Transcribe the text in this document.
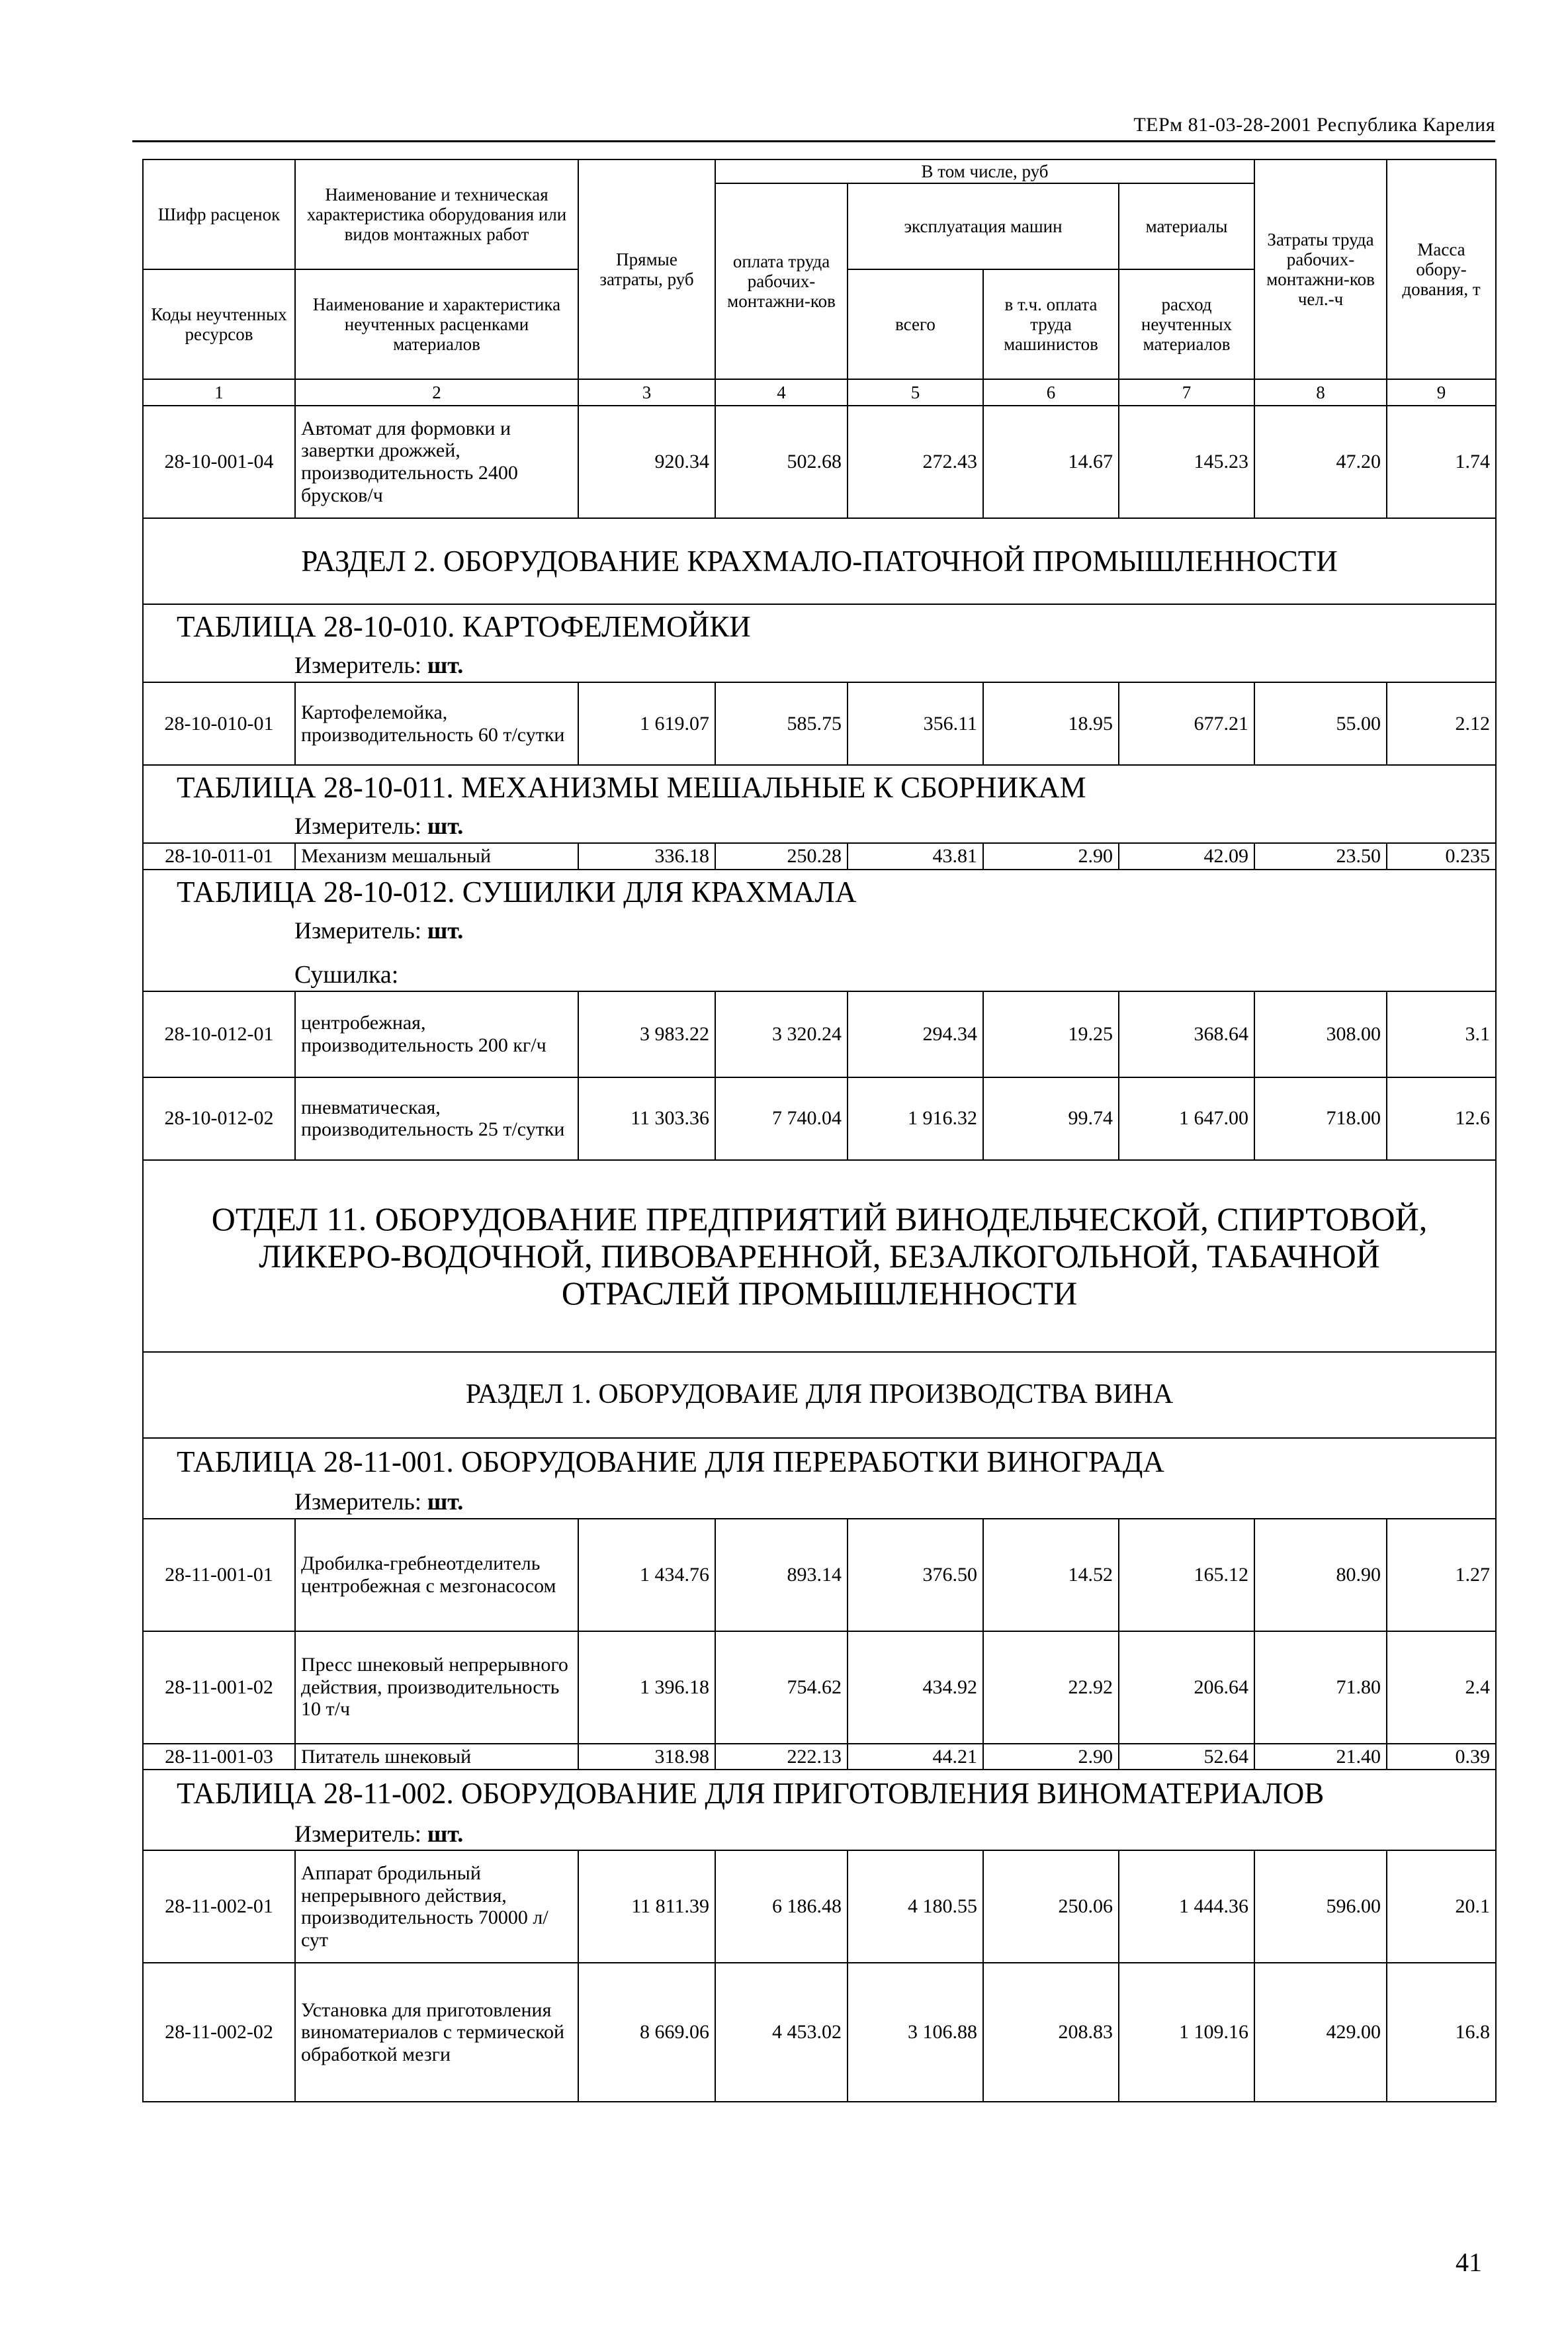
ТЕРм 81-03-28-2001 Республика Карелия
Шифр расценок	Наименование и техническая характеристика оборудования или видов монтажных работ	Прямые затраты, руб	В том числе, руб				Затраты труда рабочих-монтажни-ков чел.-ч	Масса обору-дования, т
			оплата труда рабочих-монтажни-ков	эксплуатация машин		материалы		
Коды неучтенных ресурсов	Наименование и характеристика неучтенных расценками материалов			всего	в т.ч. оплата труда машинистов	расход неучтенных материалов		

1	2	3	4	5	6	7	8	9
28-10-001-04	Автомат для формовки и завертки дрожжей, производительность 2400 брусков/ч	920.34	502.68	272.43	14.67	145.23	47.20	1.74
РАЗДЕЛ 2. ОБОРУДОВАНИЕ КРАХМАЛО-ПАТОЧНОЙ ПРОМЫШЛЕННОСТИ								
ТАБЛИЦА 28-10-010. КАРТОФЕЛЕМОЙКИ								
Измеритель: шт.								
28-10-010-01	Картофелемойка, производительность 60 т/сутки	1 619.07	585.75	356.11	18.95	677.21	55.00	2.12
ТАБЛИЦА 28-10-011. МЕХАНИЗМЫ МЕШАЛЬНЫЕ К СБОРНИКАМ								
Измеритель: шт.								
28-10-011-01	Механизм мешальный	336.18	250.28	43.81	2.90	42.09	23.50	0.235
ТАБЛИЦА 28-10-012. СУШИЛКИ ДЛЯ КРАХМАЛА								
Измеритель: шт.								
Сушилка:								
28-10-012-01	центробежная, производительность 200 кг/ч	3 983.22	3 320.24	294.34	19.25	368.64	308.00	3.1
28-10-012-02	пневматическая, производительность 25 т/сутки	11 303.36	7 740.04	1 916.32	99.74	1 647.00	718.00	12.6

ОТДЕЛ 11. ОБОРУДОВАНИЕ ПРЕДПРИЯТИЙ ВИНОДЕЛЬЧЕСКОЙ, СПИРТОВОЙ,
ЛИКЕРО-ВОДОЧНОЙ, ПИВОВАРЕННОЙ, БЕЗАЛКОГОЛЬНОЙ, ТАБАЧНОЙ
ОТРАСЛЕЙ ПРОМЫШЛЕННОСТИ								

РАЗДЕЛ 1. ОБОРУДОВАИЕ ДЛЯ ПРОИЗВОДСТВА ВИНА								
ТАБЛИЦА 28-11-001. ОБОРУДОВАНИЕ ДЛЯ ПЕРЕРАБОТКИ ВИНОГРАДА								
Измеритель: шт.								
28-11-001-01	Дробилка-гребнеотделитель центробежная с мезгонасосом	1 434.76	893.14	376.50	14.52	165.12	80.90	1.27
28-11-001-02	Пресс шнековый непрерывного действия, производительность 10 т/ч	1 396.18	754.62	434.92	22.92	206.64	71.80	2.4
28-11-001-03	Питатель шнековый	318.98	222.13	44.21	2.90	52.64	21.40	0.39
ТАБЛИЦА 28-11-002. ОБОРУДОВАНИЕ ДЛЯ ПРИГОТОВЛЕНИЯ ВИНОМАТЕРИАЛОВ								
Измеритель: шт.								
28-11-002-01	Аппарат бродильный непрерывного действия, производительность 70000 л/сут	11 811.39	6 186.48	4 180.55	250.06	1 444.36	596.00	20.1
28-11-002-02	Установка для приготовления виноматериалов с термической обработкой мезги	8 669.06	4 453.02	3 106.88	208.83	1 109.16	429.00	16.8
41
